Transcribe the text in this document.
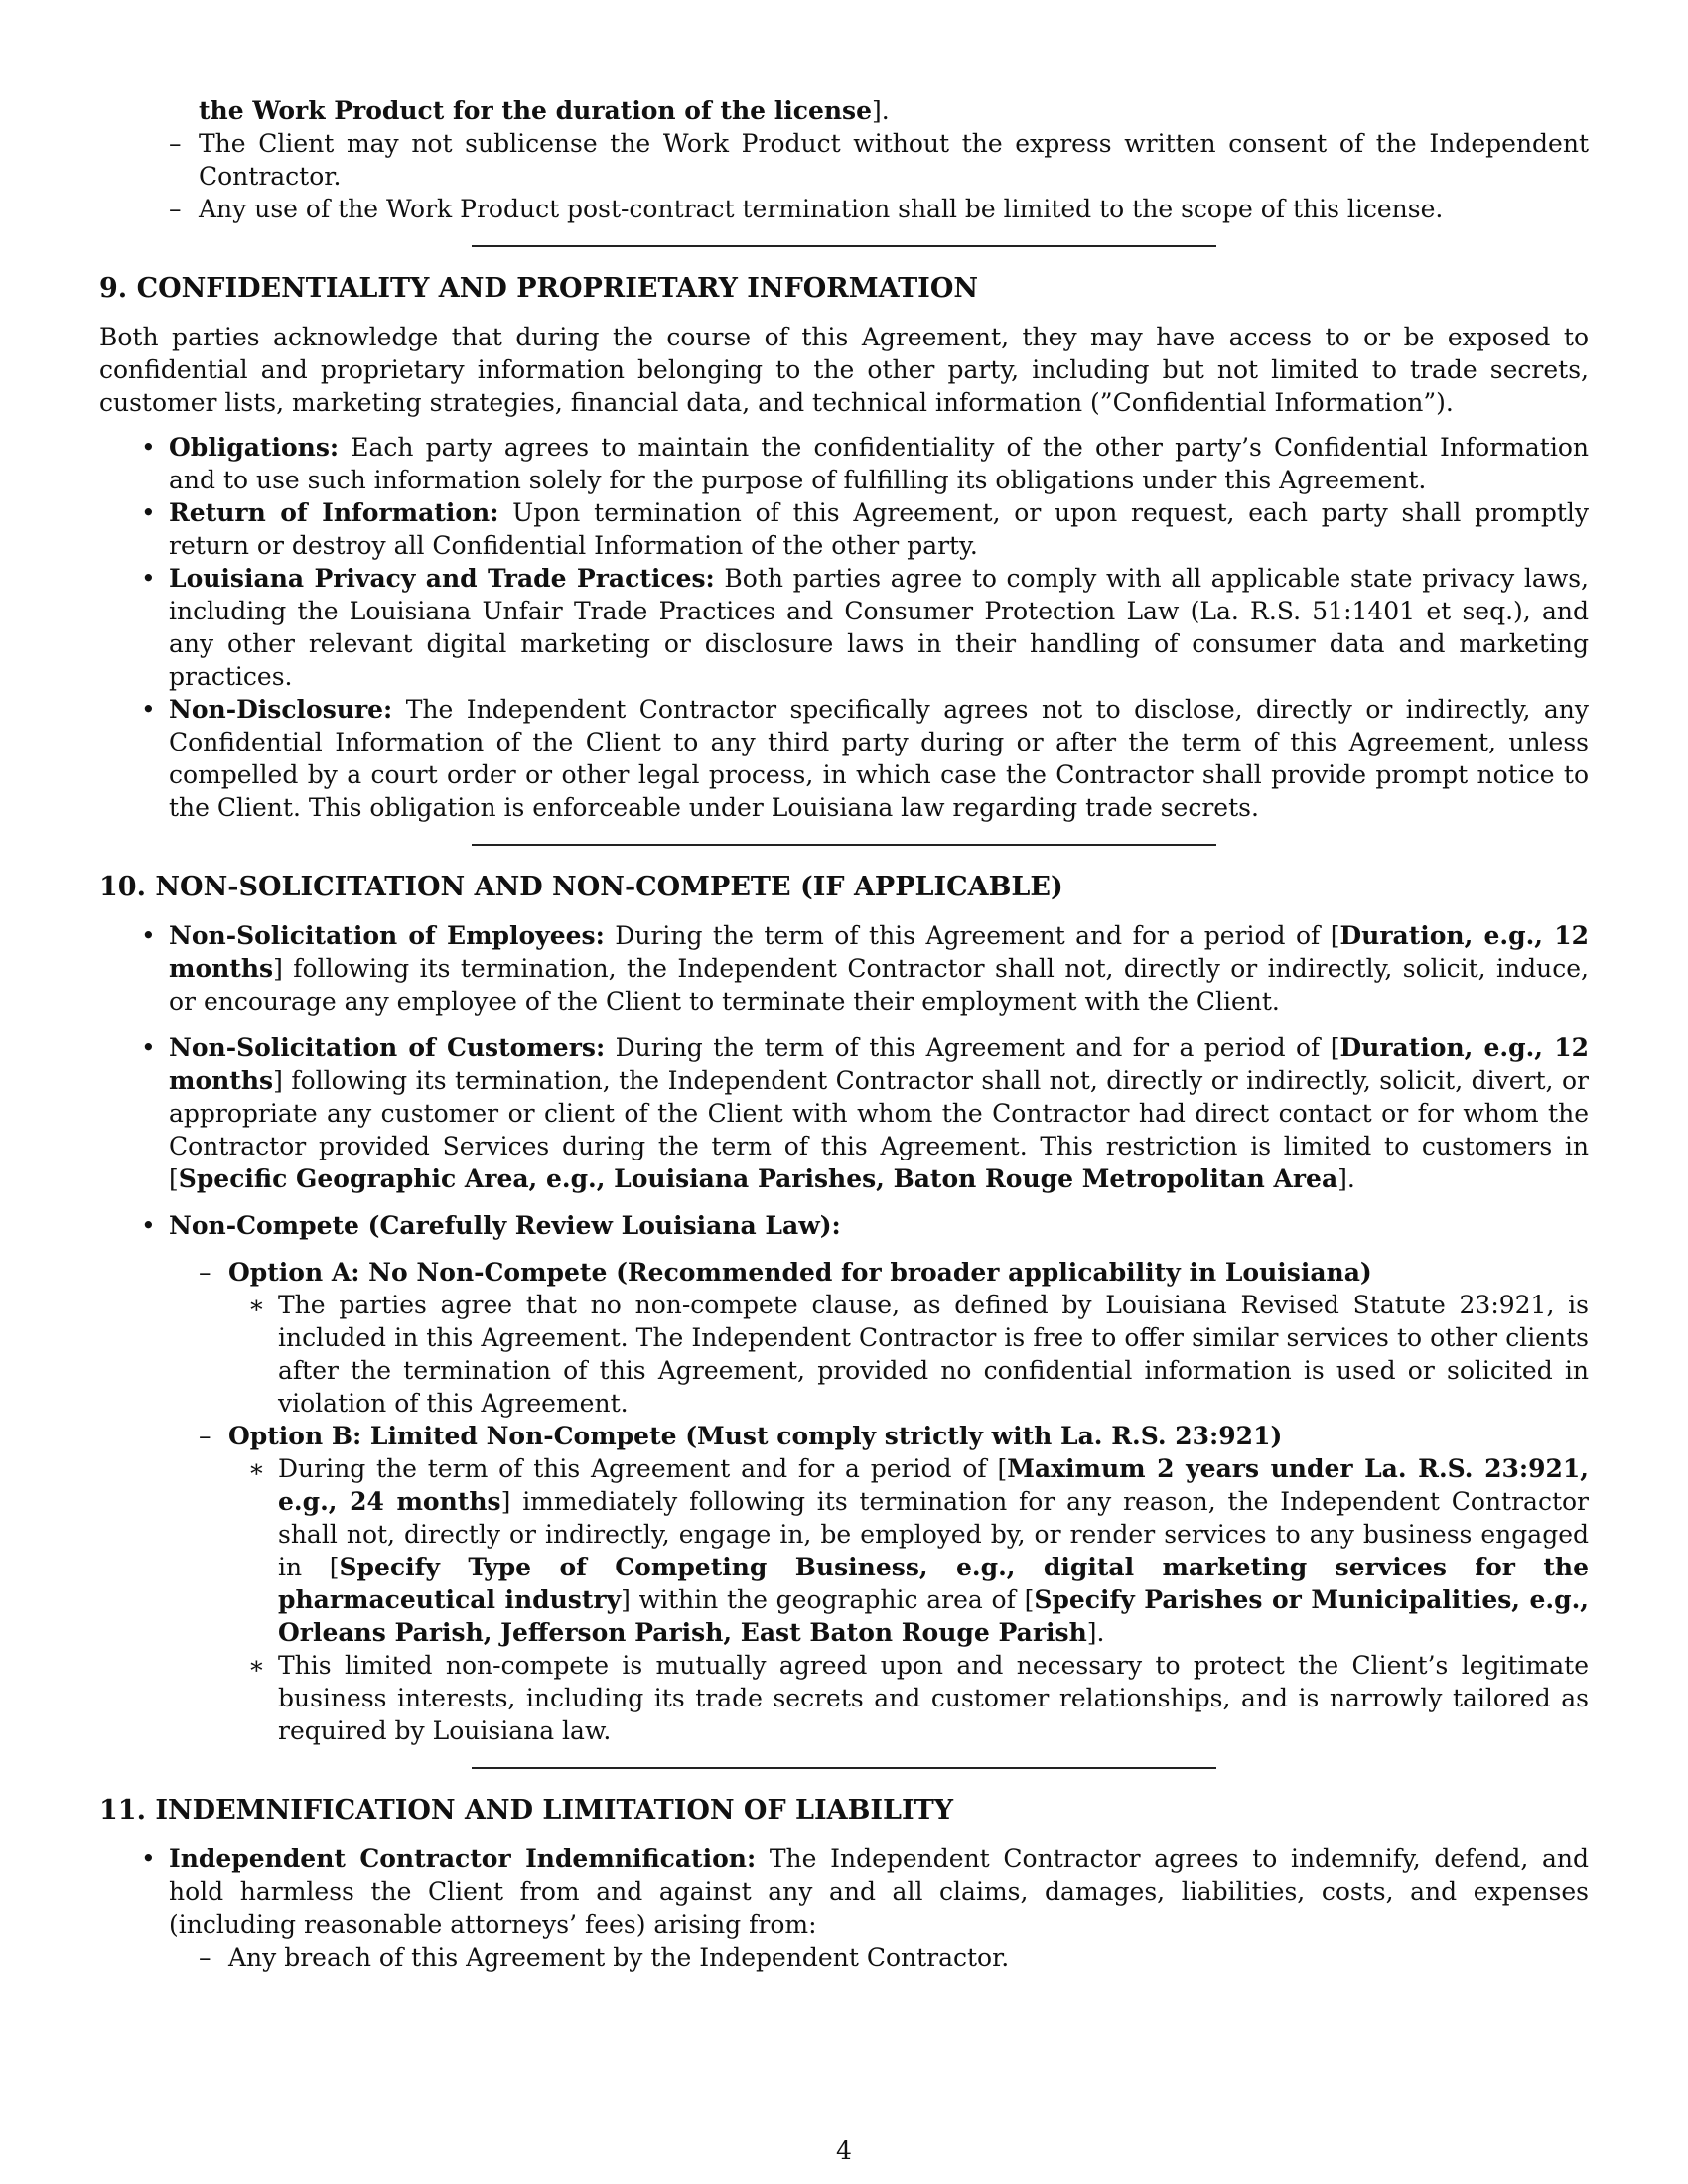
the Work Product for the duration of the license].
– The Client may not sublicense the Work Product without the express written consent of the Independent Contractor.
– Any use of the Work Product post-contract termination shall be limited to the scope of this license.
9. CONFIDENTIALITY AND PROPRIETARY INFORMATION

Both parties acknowledge that during the course of this Agreement, they may have access to or be exposed to confidential and proprietary information belonging to the other party, including but not limited to trade secrets, customer lists, marketing strategies, financial data, and technical information (”Confidential Information”).

• Obligations: Each party agrees to maintain the confidentiality of the other party’s Confidential Information and to use such information solely for the purpose of fulfilling its obligations under this Agreement.
• Return of Information: Upon termination of this Agreement, or upon request, each party shall promptly return or destroy all Confidential Information of the other party.
• Louisiana Privacy and Trade Practices: Both parties agree to comply with all applicable state privacy laws, including the Louisiana Unfair Trade Practices and Consumer Protection Law (La. R.S. 51:1401 et seq.), and any other relevant digital marketing or disclosure laws in their handling of consumer data and marketing practices.
• Non-Disclosure: The Independent Contractor specifically agrees not to disclose, directly or indirectly, any Confidential Information of the Client to any third party during or after the term of this Agreement, unless compelled by a court order or other legal process, in which case the Contractor shall provide prompt notice to the Client. This obligation is enforceable under Louisiana law regarding trade secrets.
10. NON-SOLICITATION AND NON-COMPETE (IF APPLICABLE)
• Non-Solicitation of Employees: During the term of this Agreement and for a period of [Duration, e.g., 12 months] following its termination, the Independent Contractor shall not, directly or indirectly, solicit, induce, or encourage any employee of the Client to terminate their employment with the Client.
• Non-Solicitation of Customers: During the term of this Agreement and for a period of [Duration, e.g., 12 months] following its termination, the Independent Contractor shall not, directly or indirectly, solicit, divert, or appropriate any customer or client of the Client with whom the Contractor had direct contact or for whom the Contractor provided Services during the term of this Agreement. This restriction is limited to customers in [Specific Geographic Area, e.g., Louisiana Parishes, Baton Rouge Metropolitan Area].
• Non-Compete (Carefully Review Louisiana Law):
– Option A: No Non-Compete (Recommended for broader applicability in Louisiana)
∗ The parties agree that no non-compete clause, as defined by Louisiana Revised Statute 23:921, is included in this Agreement. The Independent Contractor is free to offer similar services to other clients after the termination of this Agreement, provided no confidential information is used or solicited in violation of this Agreement.
– Option B: Limited Non-Compete (Must comply strictly with La. R.S. 23:921)
∗ During the term of this Agreement and for a period of [Maximum 2 years under La. R.S. 23:921, e.g., 24 months] immediately following its termination for any reason, the Independent Contractor shall not, directly or indirectly, engage in, be employed by, or render services to any business engaged in [Specify Type of Competing Business, e.g., digital marketing services for the pharmaceutical industry] within the geographic area of [Specify Parishes or Municipalities, e.g., Orleans Parish, Jefferson Parish, East Baton Rouge Parish].
∗ This limited non-compete is mutually agreed upon and necessary to protect the Client’s legitimate business interests, including its trade secrets and customer relationships, and is narrowly tailored as required by Louisiana law.
11. INDEMNIFICATION AND LIMITATION OF LIABILITY
• Independent Contractor Indemnification: The Independent Contractor agrees to indemnify, defend, and hold harmless the Client from and against any and all claims, damages, liabilities, costs, and expenses (including reasonable attorneys’ fees) arising from:
– Any breach of this Agreement by the Independent Contractor.
4
